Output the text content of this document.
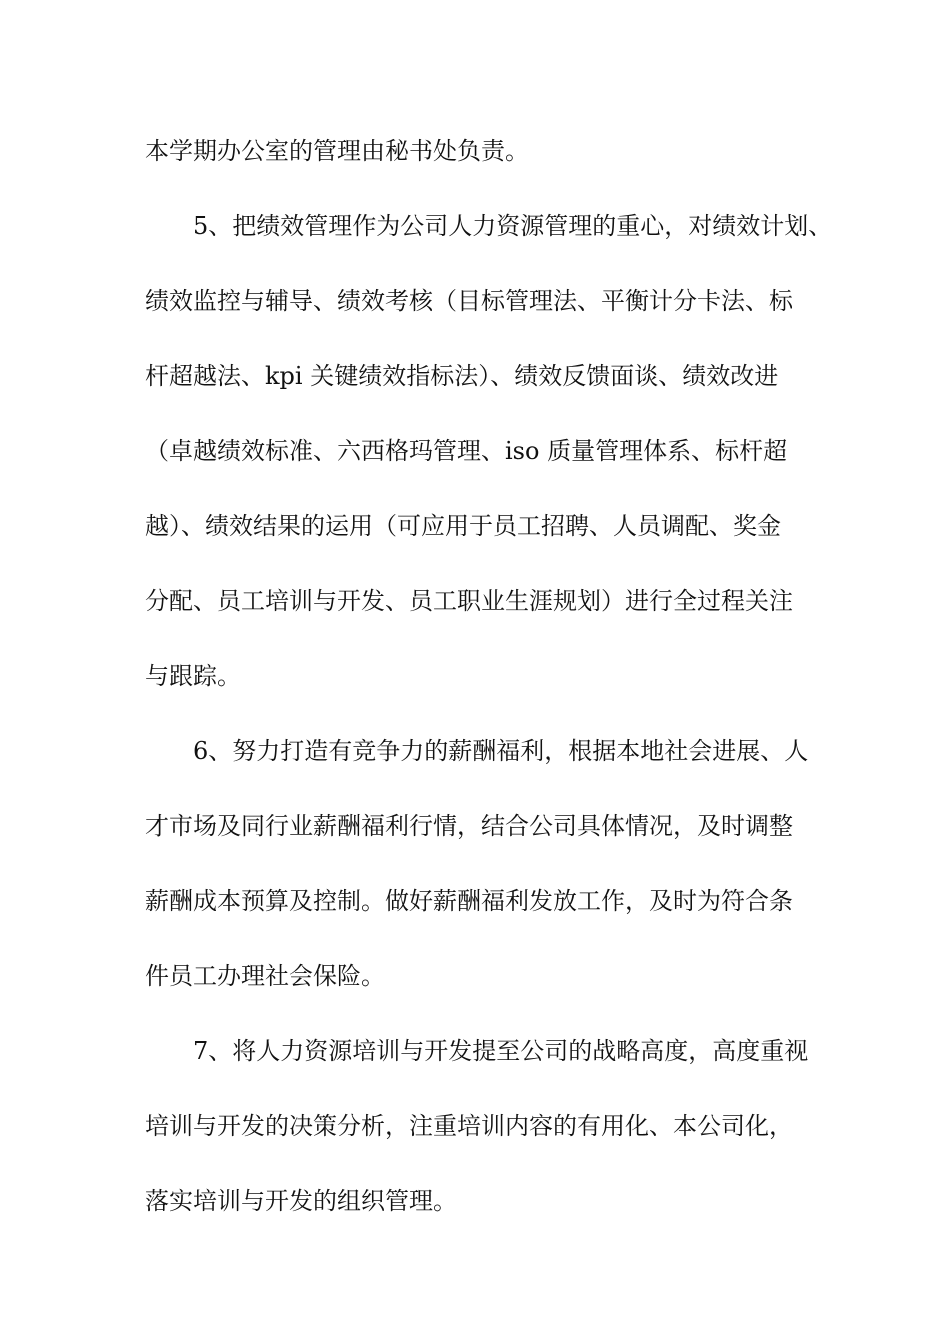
本学期办公室的管理由秘书处负责。
5、把绩效管理作为公司人力资源管理的重心，对绩效计划、
绩效监控与辅导、绩效考核（目标管理法、平衡计分卡法、标
杆超越法、kpi 关键绩效指标法）、绩效反馈面谈、绩效改进
（卓越绩效标准、六西格玛管理、iso 质量管理体系、标杆超
越）、绩效结果的运用（可应用于员工招聘、人员调配、奖金
分配、员工培训与开发、员工职业生涯规划）进行全过程关注
与跟踪。
6、努力打造有竞争力的薪酬福利，根据本地社会进展、人
才市场及同行业薪酬福利行情，结合公司具体情况，及时调整
薪酬成本预算及控制。做好薪酬福利发放工作，及时为符合条
件员工办理社会保险。
7、将人力资源培训与开发提至公司的战略高度，高度重视
培训与开发的决策分析，注重培训内容的有用化、本公司化，
落实培训与开发的组织管理。
